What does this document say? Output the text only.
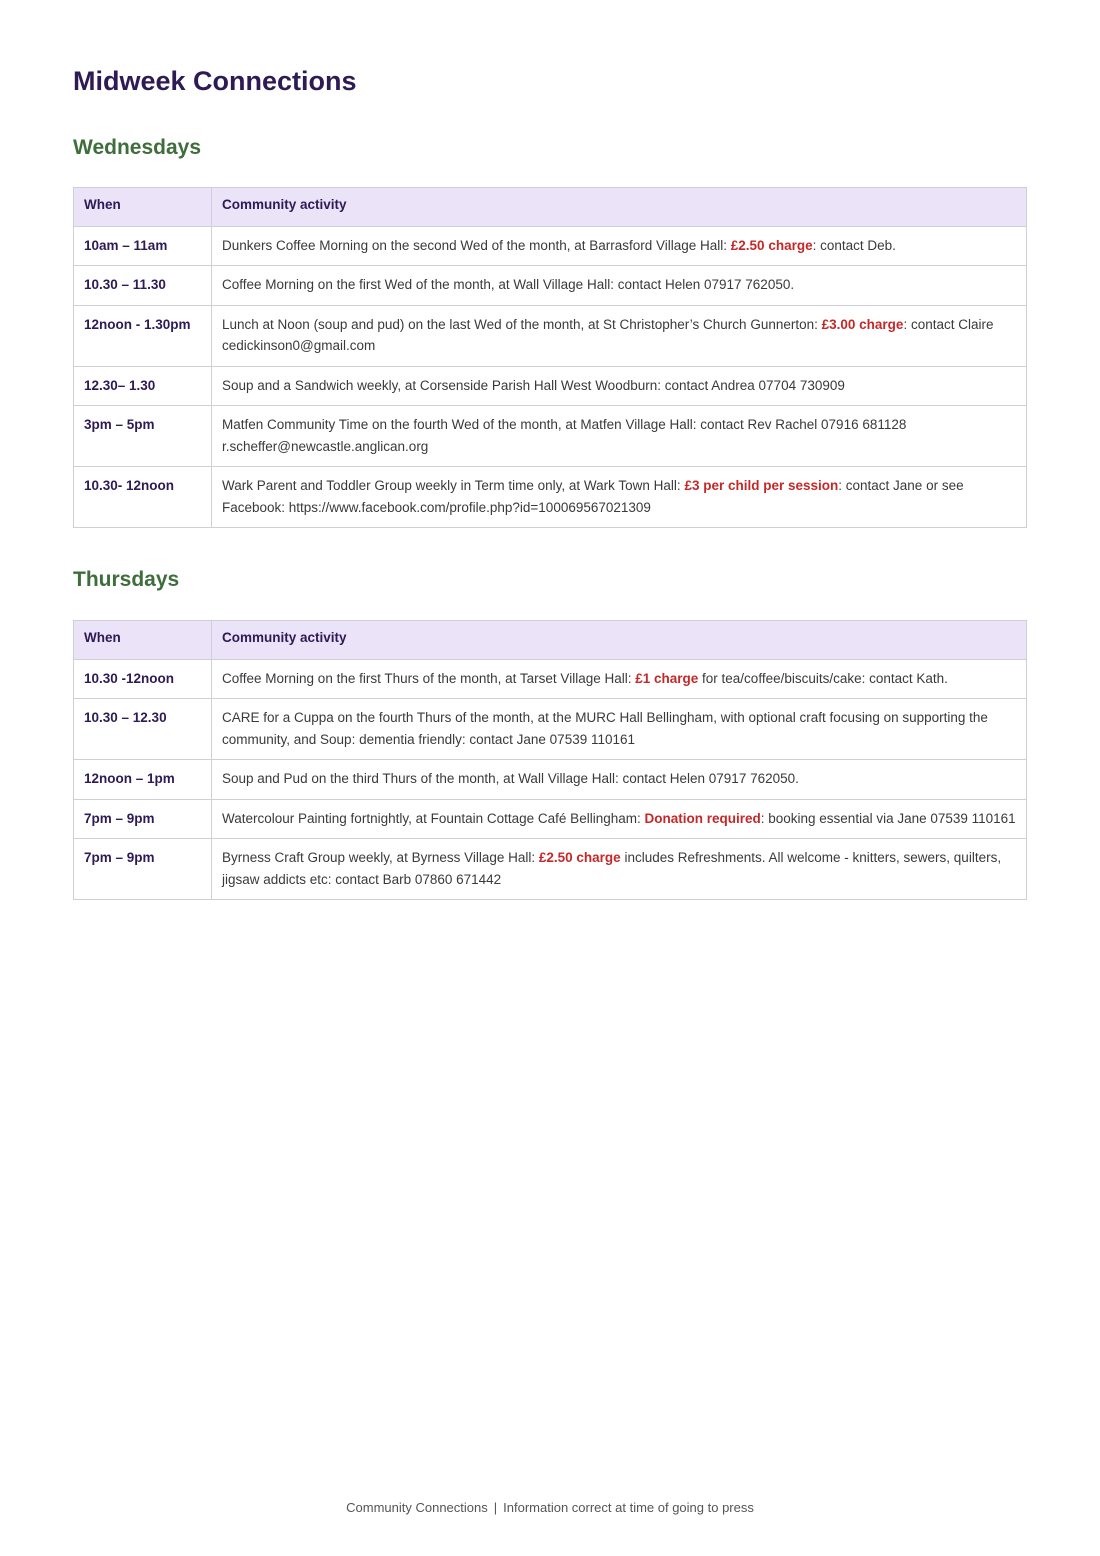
Midweek Connections
Wednesdays
When	Community activity
10am – 11am	Dunkers Coffee Morning on the second Wed of the month, at Barrasford Village Hall: £2.50 charge: contact Deb.
10.30 – 11.30	Coffee Morning on the first Wed of the month, at Wall Village Hall: contact Helen 07917 762050.
12noon - 1.30pm	Lunch at Noon (soup and pud) on the last Wed of the month, at St Christopher’s Church Gunnerton: £3.00 charge: contact Claire cedickinson0@gmail.com
12.30– 1.30	Soup and a Sandwich weekly, at Corsenside Parish Hall West Woodburn: contact Andrea 07704 730909
3pm – 5pm	Matfen Community Time on the fourth Wed of the month, at Matfen Village Hall: contact Rev Rachel 07916 681128 r.scheffer@newcastle.anglican.org
10.30- 12noon	Wark Parent and Toddler Group weekly in Term time only, at Wark Town Hall: £3 per child per session: contact Jane or see Facebook: https://www.facebook.com/profile.php?id=100069567021309
Thursdays
When	Community activity
10.30 -12noon	Coffee Morning on the first Thurs of the month, at Tarset Village Hall: £1 charge for tea/coffee/biscuits/cake: contact Kath.
10.30 – 12.30	CARE for a Cuppa on the fourth Thurs of the month, at the MURC Hall Bellingham, with optional craft focusing on supporting the community, and Soup: dementia friendly: contact Jane 07539 110161
12noon – 1pm	Soup and Pud on the third Thurs of the month, at Wall Village Hall: contact Helen 07917 762050.
7pm – 9pm	Watercolour Painting fortnightly, at Fountain Cottage Café Bellingham: Donation required: booking essential via Jane 07539 110161
7pm – 9pm	Byrness Craft Group weekly, at Byrness Village Hall: £2.50 charge includes Refreshments. All welcome - knitters, sewers, quilters, jigsaw addicts etc: contact Barb 07860 671442
Community Connections | Information correct at time of going to press
